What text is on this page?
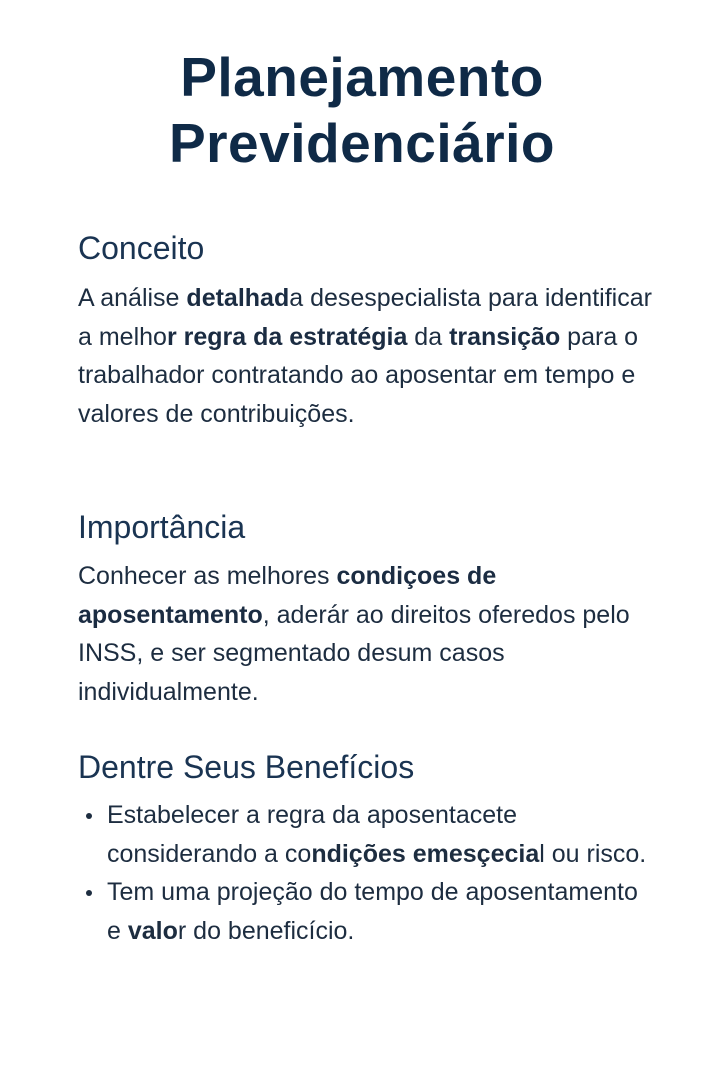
Planejamento
Previdenciário
Conceito

A análise detalhada desespecialista para identificar a melhor regra da estratégia da transição para o trabalhador contratando ao aposentar em tempo e valores de contribuições.

Importância

Conhecer as melhores condiçoes de aposentamento, aderár ao direitos oferedos pelo INSS, e ser segmentado desum casos individualmente.

Dentre Seus Benefícios
Estabelecer a regra da aposentacete considerando a condições emesçecial ou risco.
Tem uma projeção do tempo de aposentamento e valor do beneficício.
